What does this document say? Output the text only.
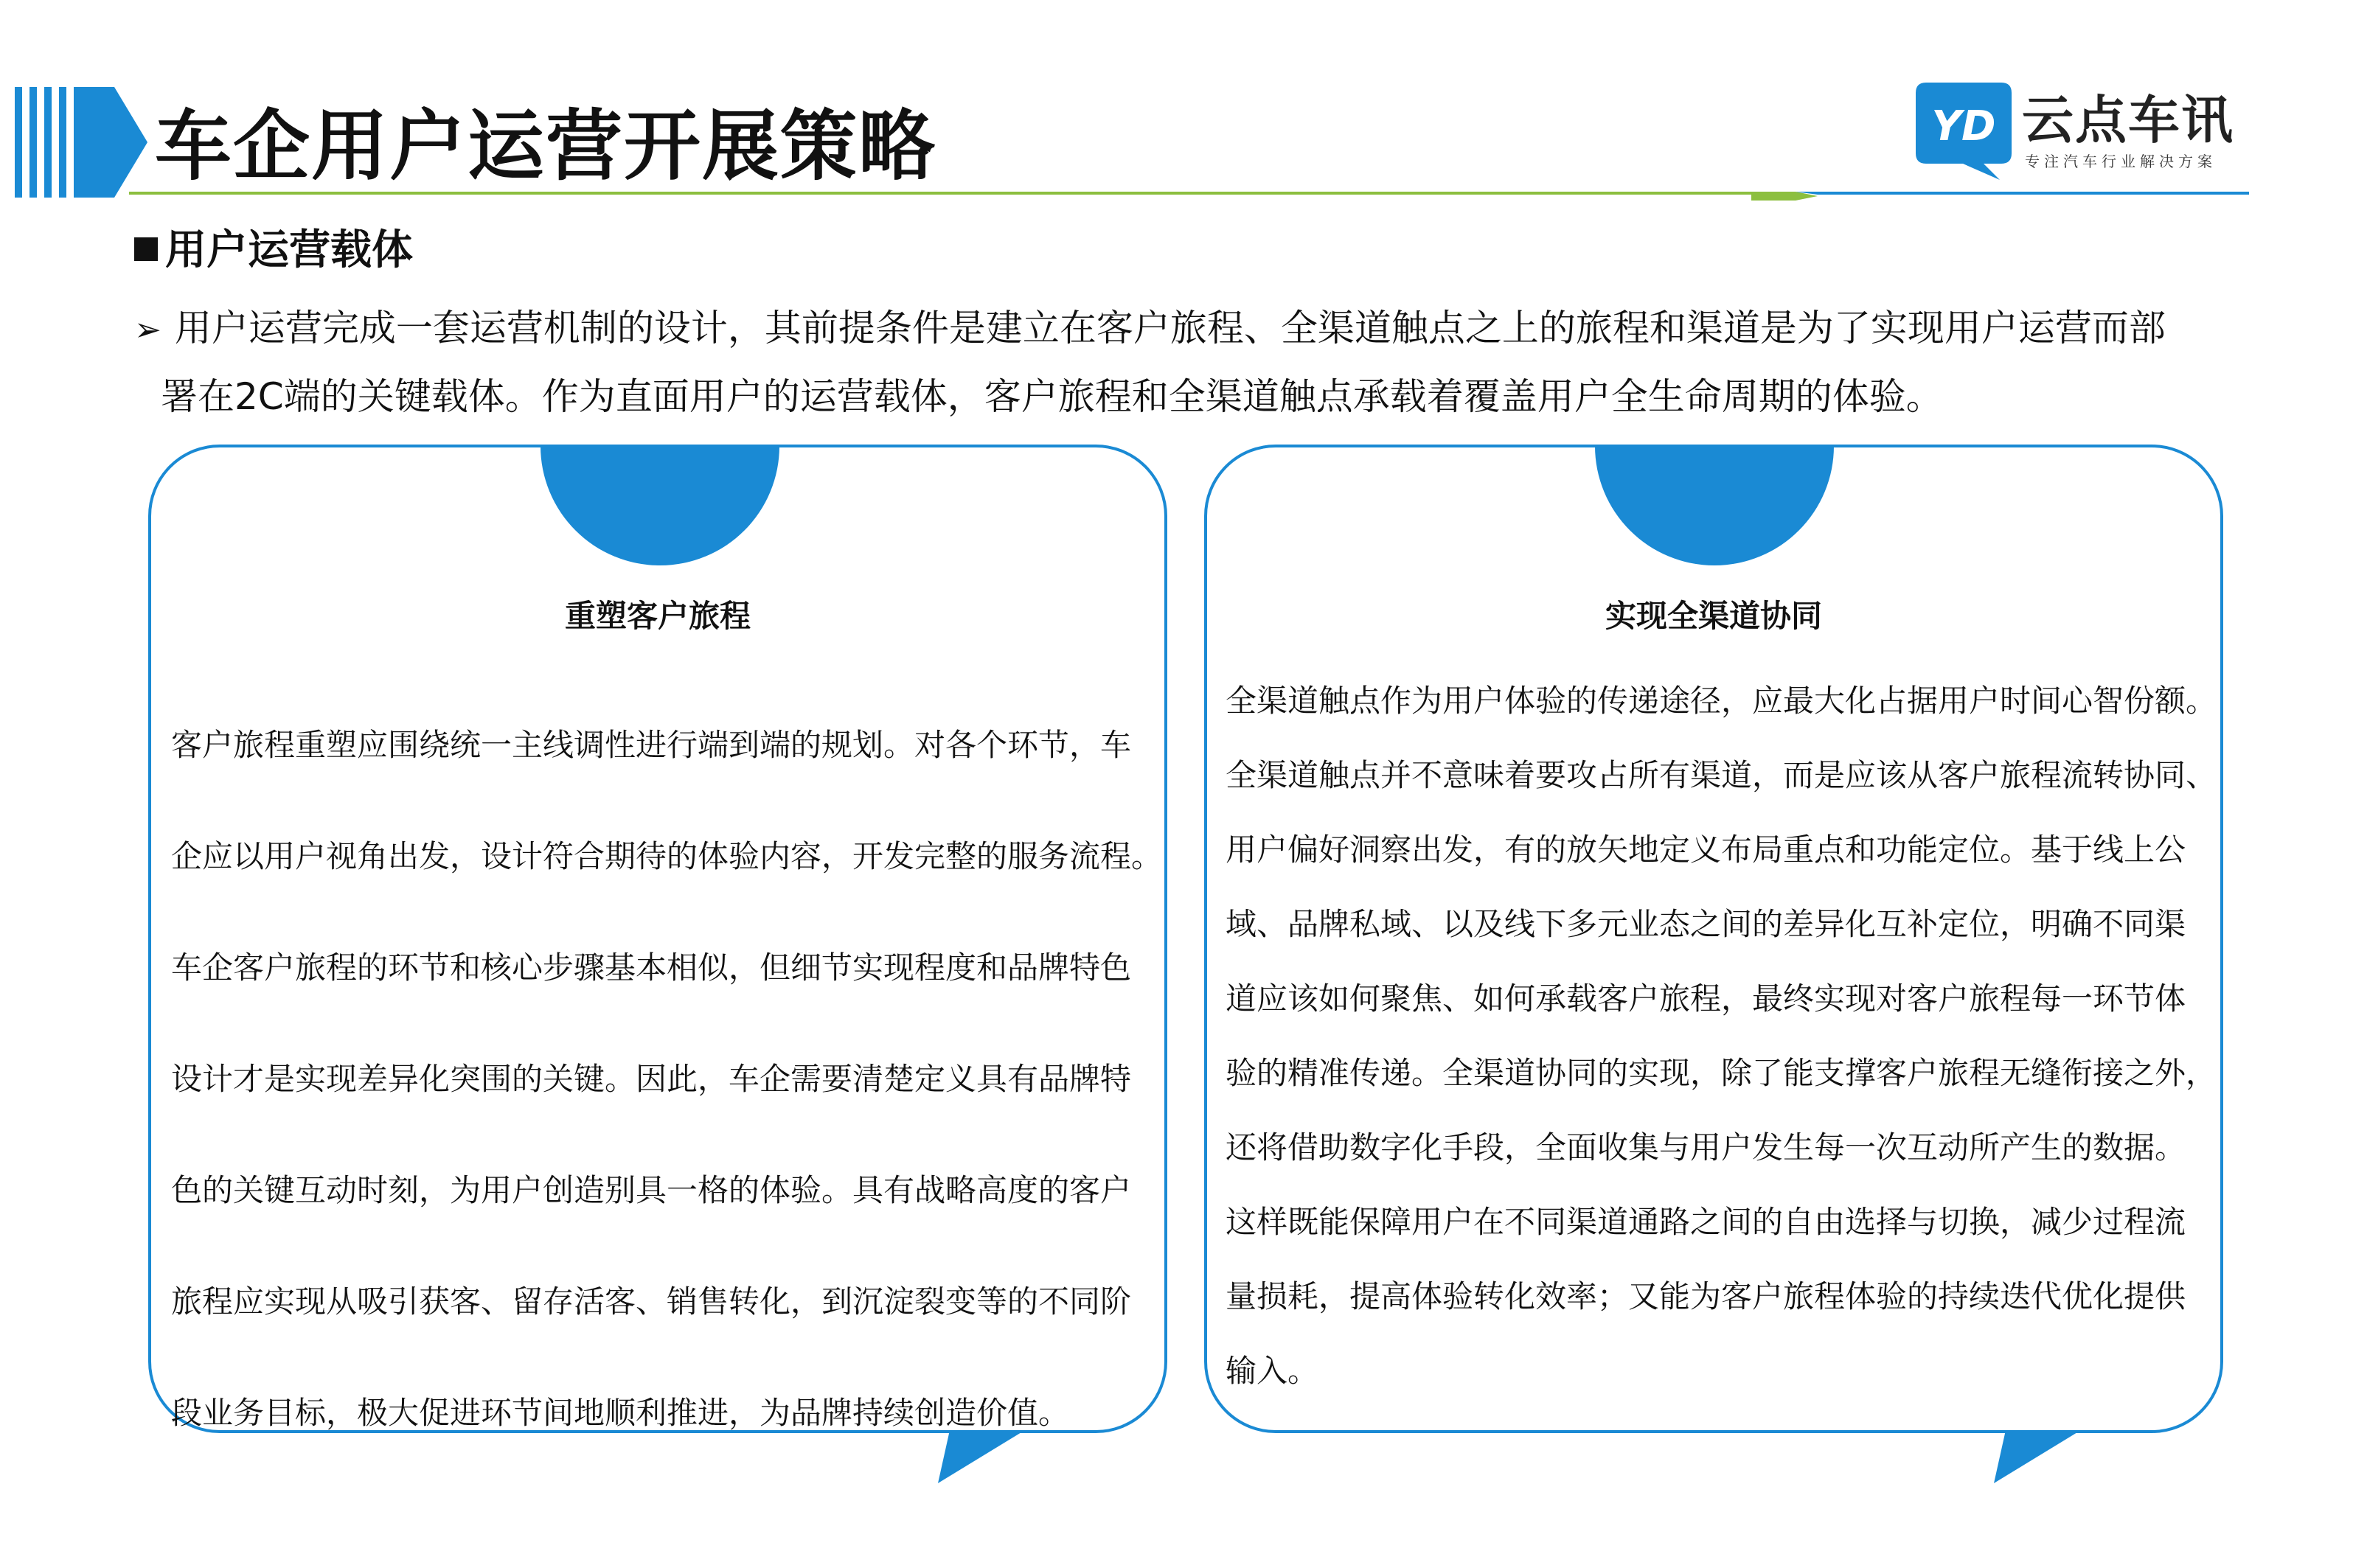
车企用户运营开展策略	YD 云点车讯
专注汽车行业解决方案
用户运营载体
➢ 用户运营完成一套运营机制的设计，其前提条件是建立在客户旅程、全渠道触点之上的旅程和渠道是为了实现用户运营而部
署在2C端的关键载体。作为直面用户的运营载体，客户旅程和全渠道触点承载着覆盖用户全生命周期的体验。
重塑客户旅程
客户旅程重塑应围绕统一主线调性进行端到端的规划。对各个环节，车
企应以用户视角出发，设计符合期待的体验内容，开发完整的服务流程。
车企客户旅程的环节和核心步骤基本相似，但细节实现程度和品牌特色
设计才是实现差异化突围的关键。因此，车企需要清楚定义具有品牌特
色的关键互动时刻，为用户创造别具一格的体验。具有战略高度的客户
旅程应实现从吸引获客、留存活客、销售转化，到沉淀裂变等的不同阶
段业务目标，极大促进环节间地顺利推进，为品牌持续创造价值。
实现全渠道协同
全渠道触点作为用户体验的传递途径，应最大化占据用户时间心智份额。
全渠道触点并不意味着要攻占所有渠道，而是应该从客户旅程流转协同、
用户偏好洞察出发，有的放矢地定义布局重点和功能定位。基于线上公
域、品牌私域、以及线下多元业态之间的差异化互补定位，明确不同渠
道应该如何聚焦、如何承载客户旅程，最终实现对客户旅程每一环节体
验的精准传递。全渠道协同的实现，除了能支撑客户旅程无缝衔接之外，
还将借助数字化手段，全面收集与用户发生每一次互动所产生的数据。
这样既能保障用户在不同渠道通路之间的自由选择与切换，减少过程流
量损耗，提高体验转化效率；又能为客户旅程体验的持续迭代优化提供
输入。
